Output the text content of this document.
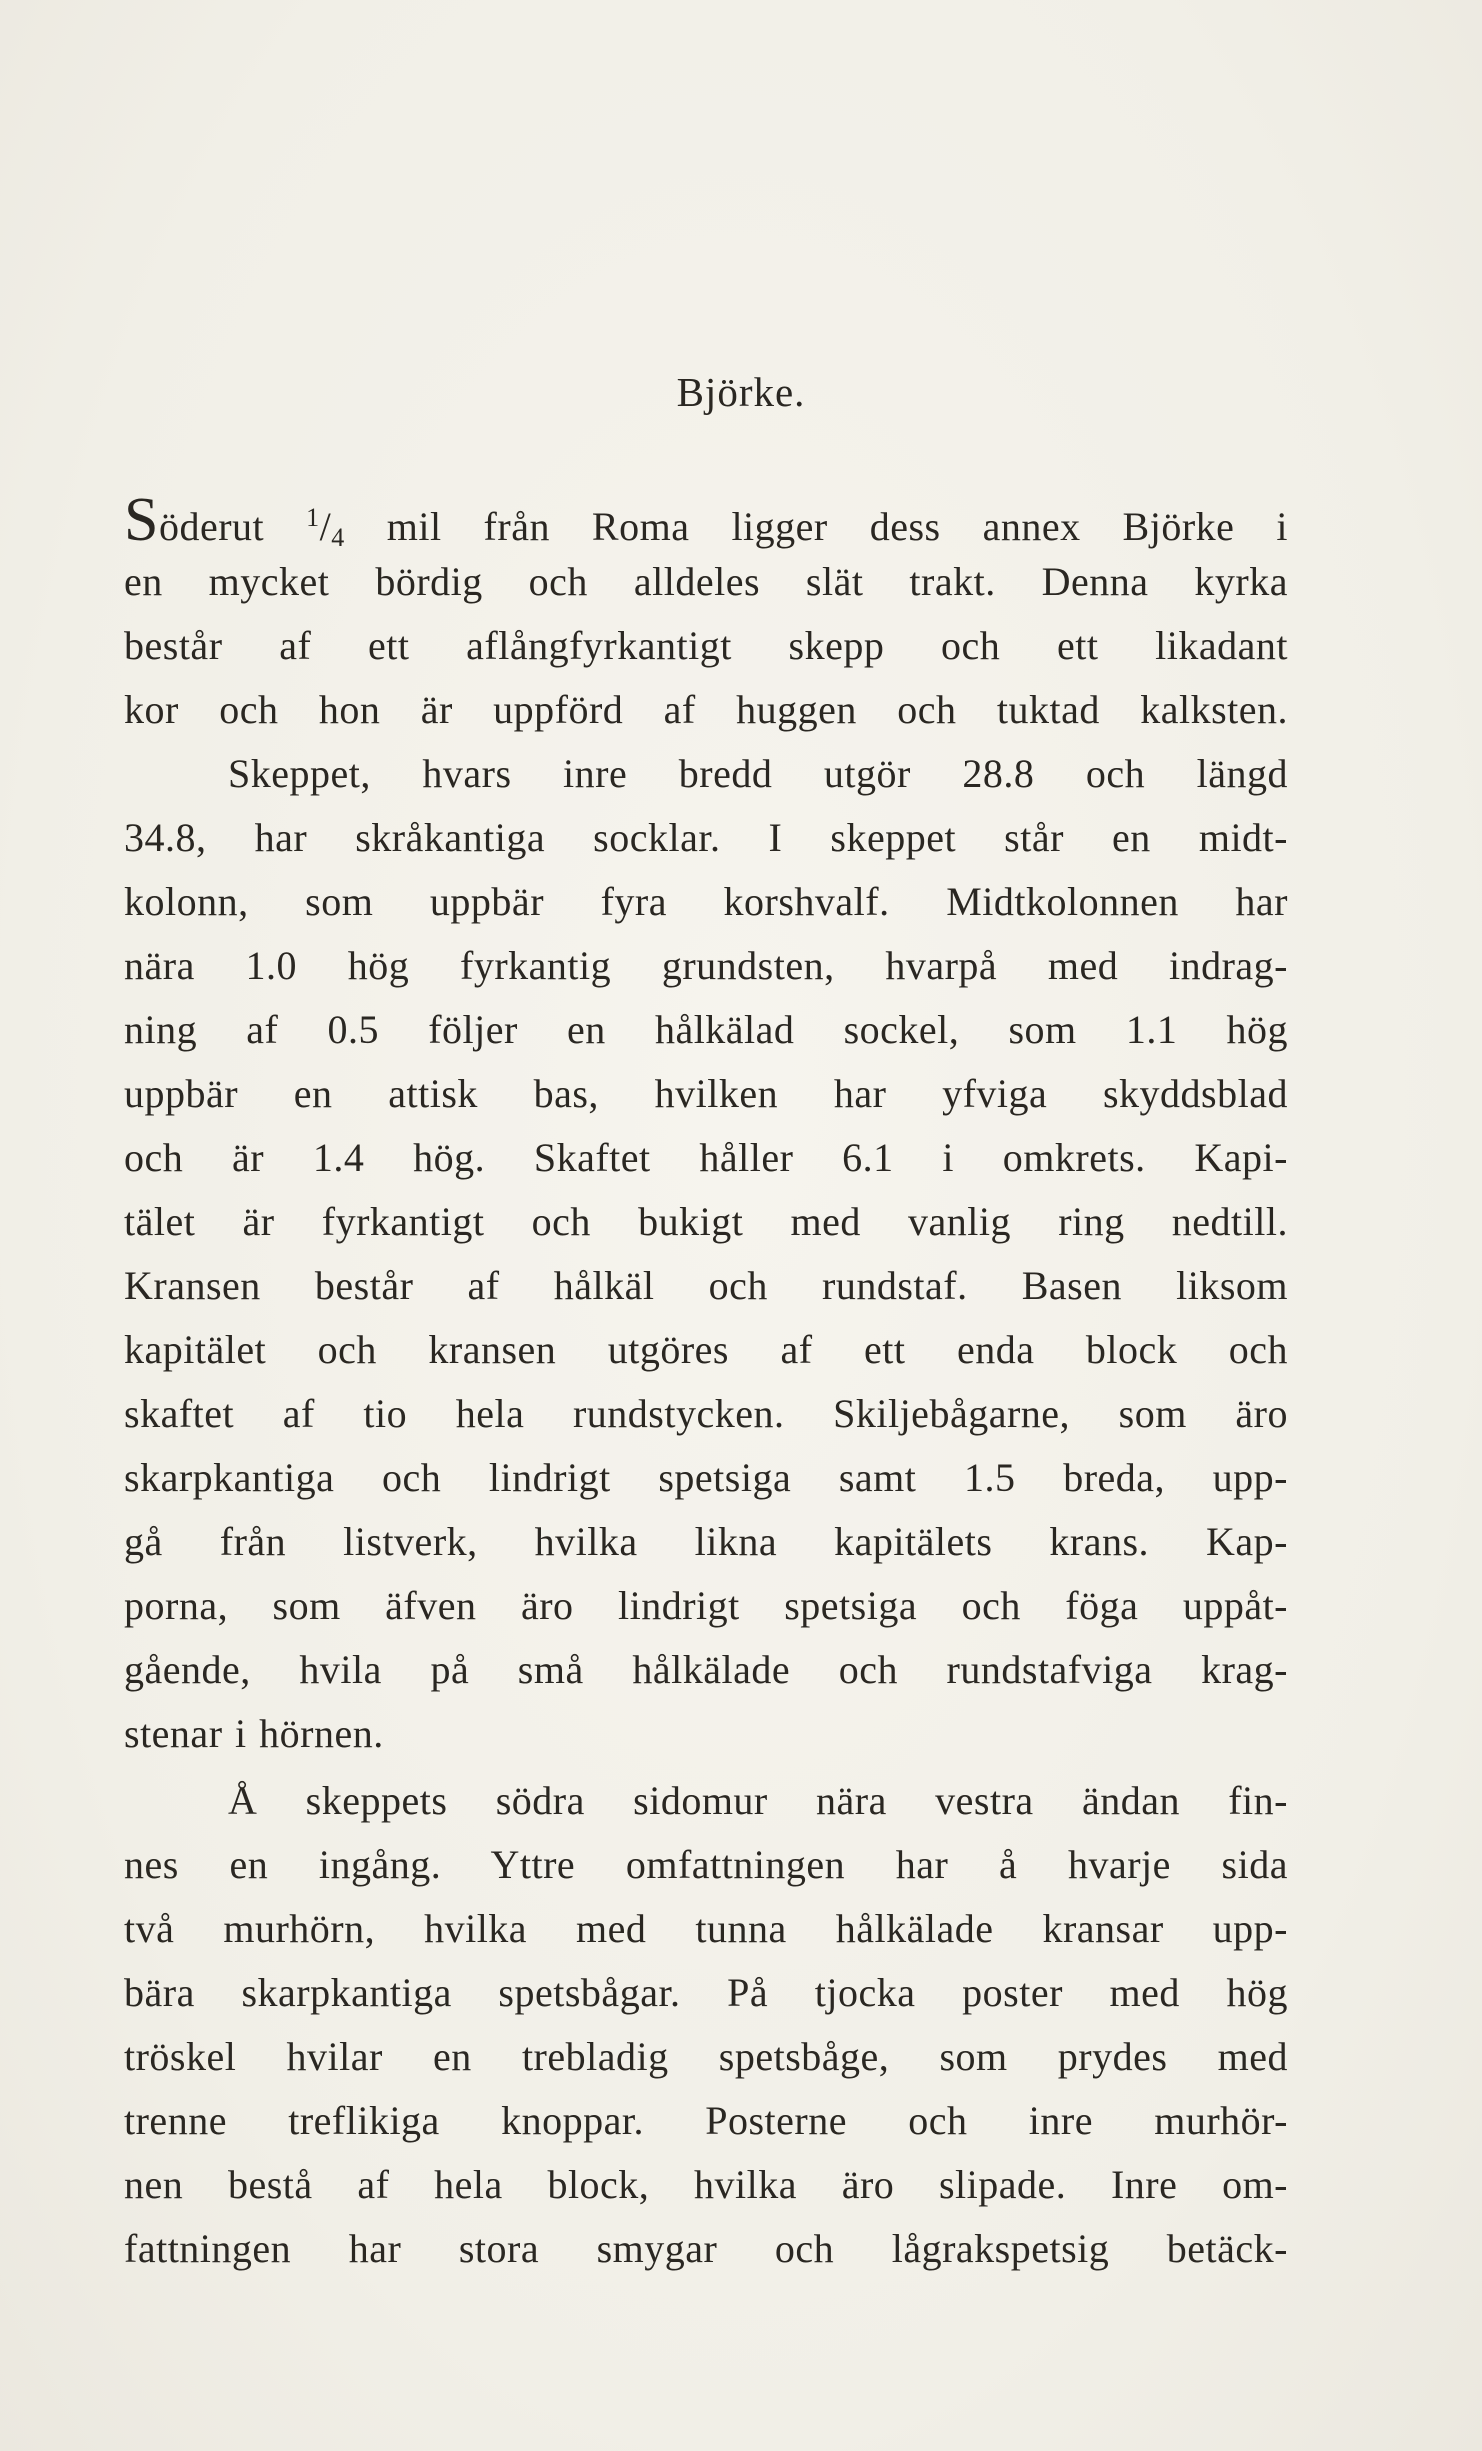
Björke.
Söderut $^1$/4 mil från Roma ligger dess annex Björke i
en mycket bördig och alldeles slät trakt. Denna kyrka
består af ett aflångfyrkantigt skepp och ett likadant
kor och hon är uppförd af huggen och tuktad kalksten.
Skeppet, hvars inre bredd utgör 28.8 och längd
34.8, har skråkantiga socklar. I skeppet står en midt-
kolonn, som uppbär fyra korshvalf. Midtkolonnen har
nära 1.0 hög fyrkantig grundsten, hvarpå med indrag-
ning af 0.5 följer en hålkälad sockel, som 1.1 hög
uppbär en attisk bas, hvilken har yfviga skyddsblad
och är 1.4 hög. Skaftet håller 6.1 i omkrets. Kapi-
tälet är fyrkantigt och bukigt med vanlig ring nedtill.
Kransen består af hålkäl och rundstaf. Basen liksom
kapitälet och kransen utgöres af ett enda block och
skaftet af tio hela rundstycken. Skiljebågarne, som äro
skarpkantiga och lindrigt spetsiga samt 1.5 breda, upp-
gå från listverk, hvilka likna kapitälets krans. Kap-
porna, som äfven äro lindrigt spetsiga och föga uppåt-
gående, hvila på små hålkälade och rundstafviga krag-
stenar i hörnen.
Å skeppets södra sidomur nära vestra ändan fin-
nes en ingång. Yttre omfattningen har å hvarje sida
två murhörn, hvilka med tunna hålkälade kransar upp-
bära skarpkantiga spetsbågar. På tjocka poster med hög
tröskel hvilar en trebladig spetsbåge, som prydes med
trenne treflikiga knoppar. Posterne och inre murhör-
nen bestå af hela block, hvilka äro slipade. Inre om-
fattningen har stora smygar och lågrakspetsig betäck-
